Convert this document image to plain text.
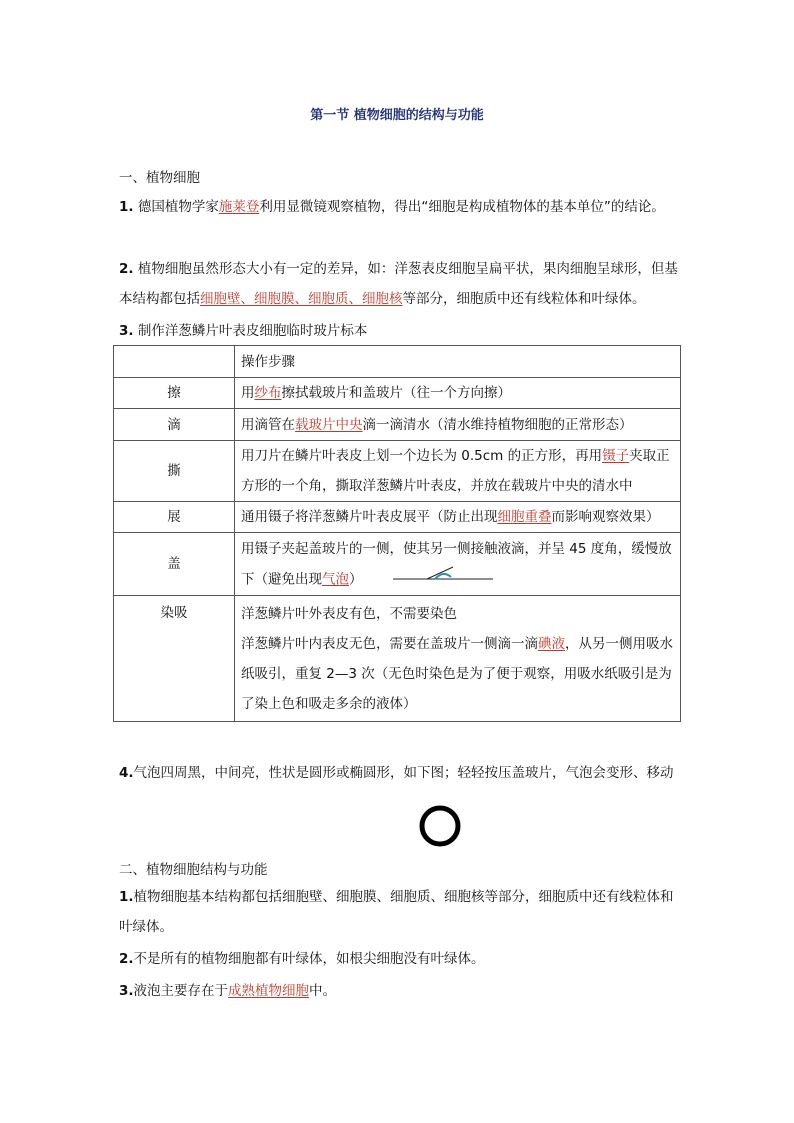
第一节 植物细胞的结构与功能
一、植物细胞
1. 德国植物学家施莱登利用显微镜观察植物，得出“细胞是构成植物体的基本单位”的结论。
2. 植物细胞虽然形态大小有一定的差异，如：洋葱表皮细胞呈扁平状，果肉细胞呈球形，但基本结构都包括细胞壁、细胞膜、细胞质、细胞核等部分，细胞质中还有线粒体和叶绿体。
3. 制作洋葱鳞片叶表皮细胞临时玻片标本
	操作步骤
擦	用纱布擦拭载玻片和盖玻片（往一个方向擦）
滴	用滴管在载玻片中央滴一滴清水（清水维持植物细胞的正常形态）
撕	用刀片在鳞片叶表皮上划一个边长为 0.5cm 的正方形，再用镊子夹取正方形的一个角，撕取洋葱鳞片叶表皮，并放在载玻片中央的清水中
展	通用镊子将洋葱鳞片叶表皮展平（防止出现细胞重叠而影响观察效果）
盖	用镊子夹起盖玻片的一侧，使其另一侧接触液滴，并呈 45 度角，缓慢放下（避免出现气泡）
染吸	洋葱鳞片叶外表皮有色，不需要染色
洋葱鳞片叶内表皮无色，需要在盖玻片一侧滴一滴碘液，从另一侧用吸水纸吸引，重复 2—3 次（无色时染色是为了便于观察，用吸水纸吸引是为了染上色和吸走多余的液体）
4.气泡四周黑，中间亮，性状是圆形或椭圆形，如下图；轻轻按压盖玻片，气泡会变形、移动
二、植物细胞结构与功能
1.植物细胞基本结构都包括细胞壁、细胞膜、细胞质、细胞核等部分，细胞质中还有线粒体和叶绿体。
2.不是所有的植物细胞都有叶绿体，如根尖细胞没有叶绿体。
3.液泡主要存在于成熟植物细胞中。
